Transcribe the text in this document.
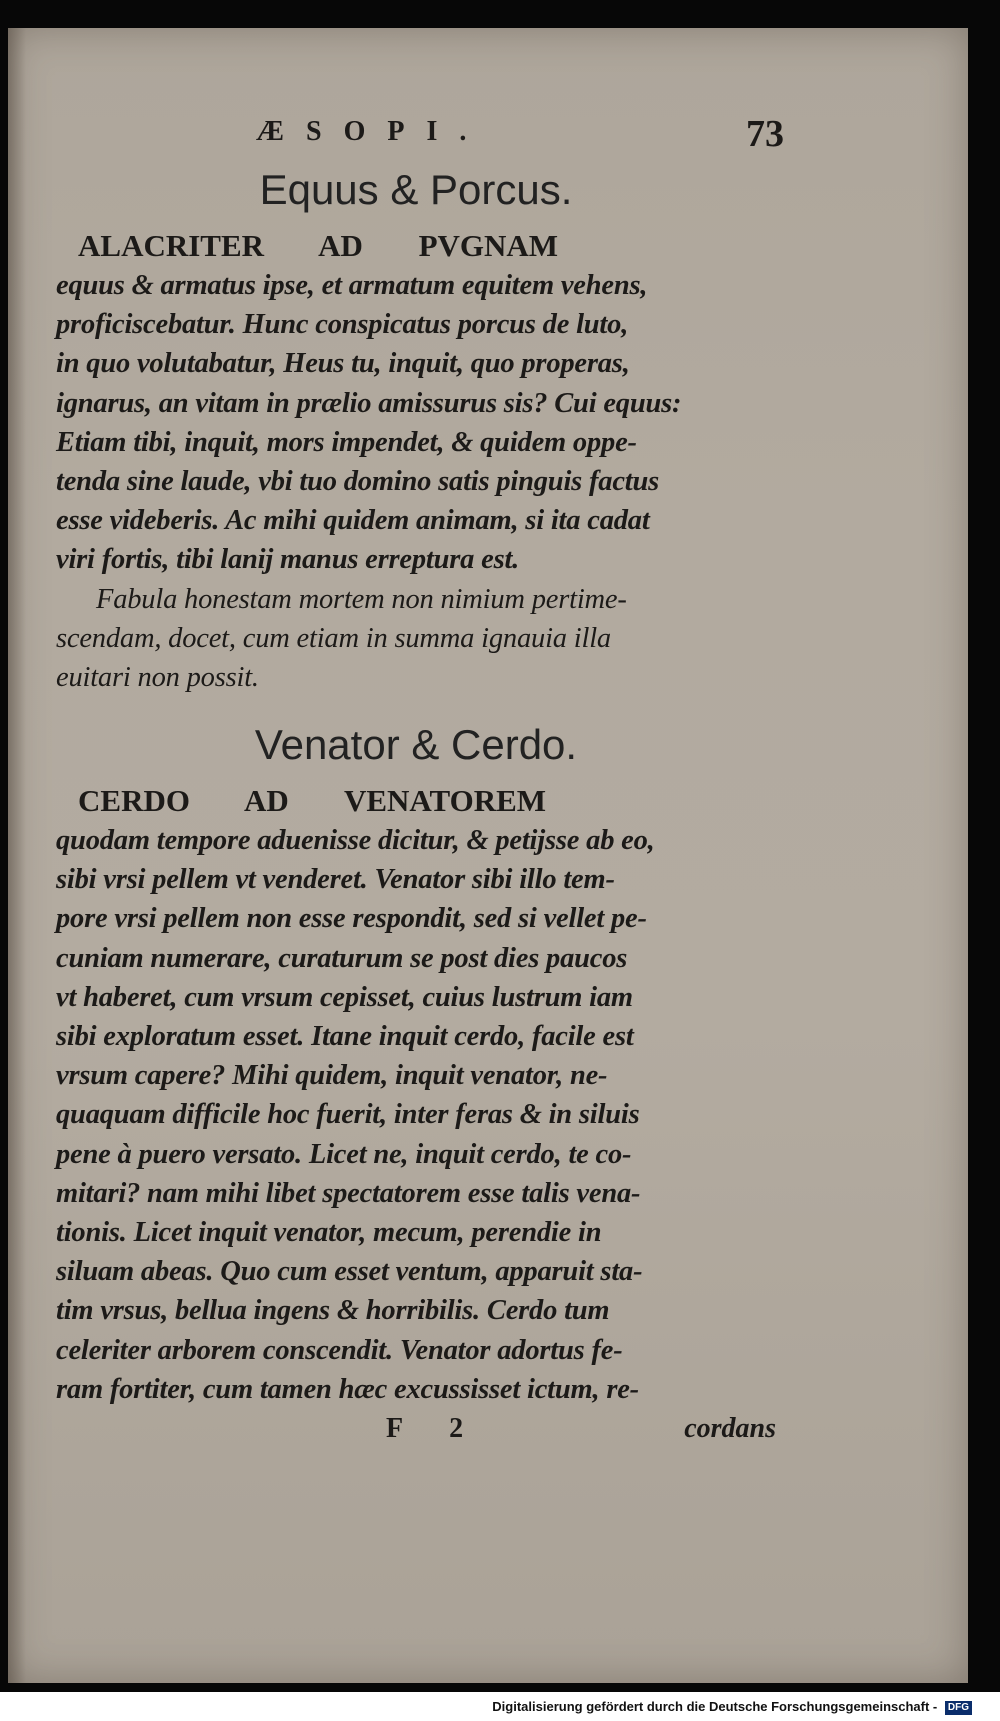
ÆSOPI.	73
Equus & Porcus.
ALACRITER AD PVGNAM
equus & armatus ipse, et armatum equitem vehens,
proficiscebatur. Hunc conspicatus porcus de luto,
in quo volutabatur, Heus tu, inquit, quo properas,
ignarus, an vitam in prælio amissurus sis? Cui equus:
Etiam tibi, inquit, mors impendet, & quidem oppe-
tenda sine laude, vbi tuo domino satis pinguis factus
esse videberis. Ac mihi quidem animam, si ita cadat
viri fortis, tibi lanij manus erreptura est.
Fabula honestam mortem non nimium pertime-
scendam, docet, cum etiam in summa ignauia illa
euitari non possit.
Venator & Cerdo.
CERDO AD VENATOREM
quodam tempore aduenisse dicitur, & petijsse ab eo,
sibi vrsi pellem vt venderet. Venator sibi illo tem-
pore vrsi pellem non esse respondit, sed si vellet pe-
cuniam numerare, curaturum se post dies paucos
vt haberet, cum vrsum cepisset, cuius lustrum iam
sibi exploratum esset. Itane inquit cerdo, facile est
vrsum capere? Mihi quidem, inquit venator, ne-
quaquam difficile hoc fuerit, inter feras & in siluis
pene à puero versato. Licet ne, inquit cerdo, te co-
mitari? nam mihi libet spectatorem esse talis vena-
tionis. Licet inquit venator, mecum, perendie in
siluam abeas. Quo cum esset ventum, apparuit sta-
tim vrsus, bellua ingens & horribilis. Cerdo tum
celeriter arborem conscendit. Venator adortus fe-
ram fortiter, cum tamen hæc excussisset ictum, re-
F 2	cordans
Digitalisierung gefördert durch die Deutsche Forschungsgemeinschaft - DFG
